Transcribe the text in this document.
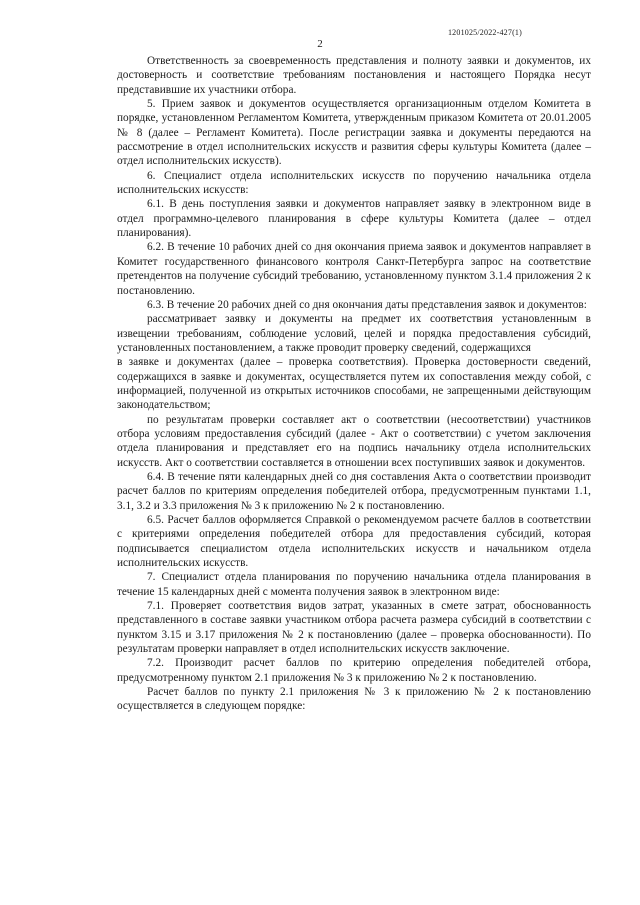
1201025/2022-427(1)
2

Ответственность за своевременность представления и полноту заявки и документов, их достоверность и соответствие требованиям постановления и настоящего Порядка несут представившие их участники отбора.

5. Прием заявок и документов осуществляется организационным отделом Комитета в порядке, установленном Регламентом Комитета, утвержденным приказом Комитета от 20.01.2005 № 8 (далее – Регламент Комитета). После регистрации заявка и документы передаются на рассмотрение в отдел исполнительских искусств и развития сферы культуры Комитета (далее – отдел исполнительских искусств).

6. Специалист отдела исполнительских искусств по поручению начальника отдела исполнительских искусств:

6.1. В день поступления заявки и документов направляет заявку в электронном виде в отдел программно-целевого планирования в сфере культуры Комитета (далее – отдел планирования).

6.2. В течение 10 рабочих дней со дня окончания приема заявок и документов направляет в Комитет государственного финансового контроля Санкт-Петербурга запрос на соответствие претендентов на получение субсидий требованию, установленному пунктом 3.1.4 приложения 2 к постановлению.

6.3. В течение 20 рабочих дней со дня окончания даты представления заявок и документов:

рассматривает заявку и документы на предмет их соответствия установленным в извещении требованиям, соблюдение условий, целей и порядка предоставления субсидий, установленных постановлением, а также проводит проверку сведений, содержащихся

в заявке и документах (далее – проверка соответствия). Проверка достоверности сведений, содержащихся в заявке и документах, осуществляется путем их сопоставления между собой, с информацией, полученной из открытых источников способами, не запрещенными действующим законодательством;

по результатам проверки составляет акт о соответствии (несоответствии) участников отбора условиям предоставления субсидий (далее - Акт о соответствии) с учетом заключения отдела планирования и представляет его на подпись начальнику отдела исполнительских искусств. Акт о соответствии составляется в отношении всех поступивших заявок и документов.

6.4. В течение пяти календарных дней со дня составления Акта о соответствии производит расчет баллов по критериям определения победителей отбора, предусмотренным пунктами 1.1, 3.1, 3.2 и 3.3 приложения № 3 к приложению № 2 к постановлению.

6.5. Расчет баллов оформляется Справкой о рекомендуемом расчете баллов в соответствии с критериями определения победителей отбора для предоставления субсидий, которая подписывается специалистом отдела исполнительских искусств и начальником отдела исполнительских искусств.

7. Специалист отдела планирования по поручению начальника отдела планирования в течение 15 календарных дней с момента получения заявок в электронном виде:

7.1. Проверяет соответствия видов затрат, указанных в смете затрат, обоснованность представленного в составе заявки участником отбора расчета размера субсидий в соответствии с пунктом 3.15 и 3.17 приложения № 2 к постановлению (далее – проверка обоснованности). По результатам проверки направляет в отдел исполнительских искусств заключение.

7.2. Производит расчет баллов по критерию определения победителей отбора, предусмотренному пунктом 2.1 приложения № 3 к приложению № 2 к постановлению.

Расчет баллов по пункту 2.1 приложения № 3 к приложению № 2 к постановлению осуществляется в следующем порядке:
